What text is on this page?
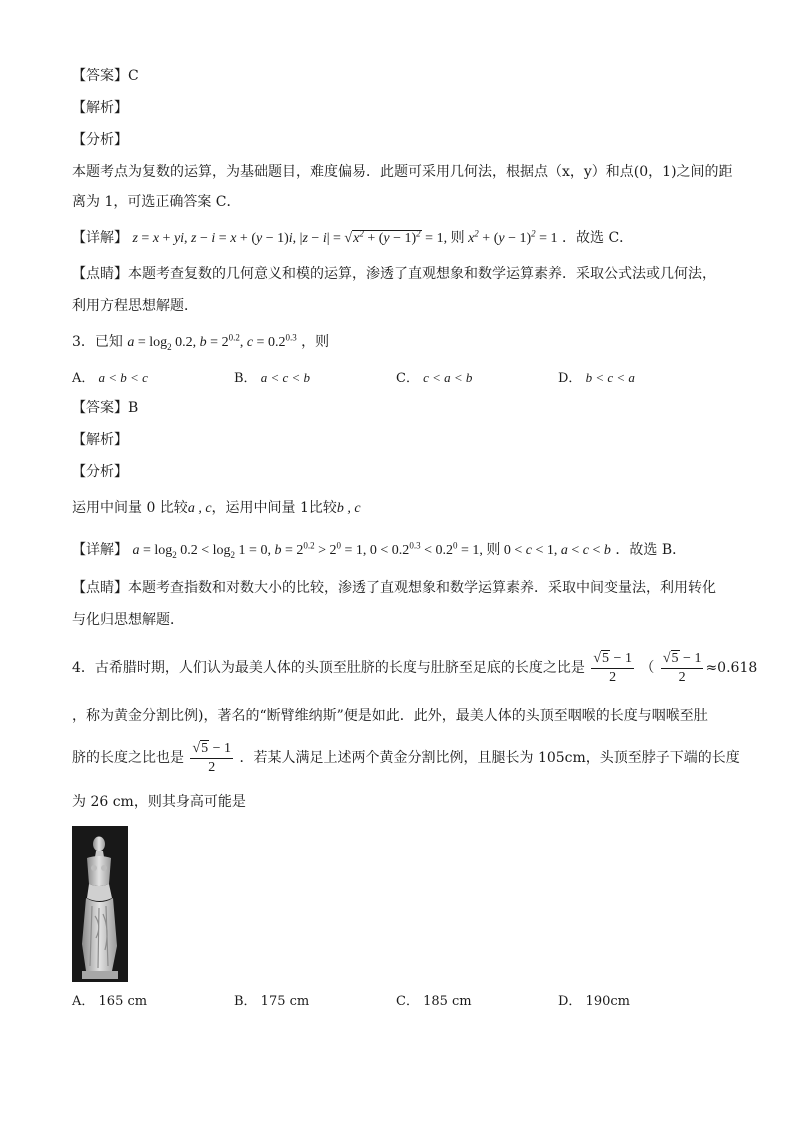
【答案】C
【解析】
【分析】
本题考点为复数的运算，为基础题目，难度偏易．此题可采用几何法，根据点（x，y）和点(0，1)之间的距
离为 1，可选正确答案 C．
【详解】 z = x + yi, z − i = x + (y − 1)i, $|z - i| = √x^2 + (y - 1)^2 = 1$, 则 $x^2 + (y - 1)^2 = 1$ ．故选 C．
【点睛】本题考查复数的几何意义和模的运算，渗透了直观想象和数学运算素养．采取公式法或几何法，
利用方程思想解题．
3．已知 $a = \log_2 0.2$, $b = 2^{0.2}$, $c = 0.2^{0.3}$ ，则
A． a < b < c	B． a < c < b	C． c < a < b	D． b < c < a
【答案】B
【解析】
【分析】
运用中间量 0 比较a , c，运用中间量 1比较b , c
【详解】 $a = \log_2 0.2 < \log_2 1 = 0$, $b = 2^{0.2} > 2^0 = 1$, $0 < 0.2^{0.3} < 0.2^0 = 1$, 则 0 < c < 1, a < c < b ．故选 B．
【点睛】本题考查指数和对数大小的比较，渗透了直观想象和数学运算素养．采取中间变量法，利用转化
与化归思想解题．
4．古希腊时期，人们认为最美人体的头顶至肚脐的长度与肚脐至足底的长度之比是 $\frac{√5 - 1}{2}$ （ $\frac{√5 - 1}{2} \approx 0.618$
，称为黄金分割比例)，著名的“断臂维纳斯”便是如此．此外，最美人体的头顶至咽喉的长度与咽喉至肚
脐的长度之比也是 $\frac{√5 - 1}{2}$ ．若某人满足上述两个黄金分割比例，且腿长为 105cm，头顶至脖子下端的长度
为 26 cm，则其身高可能是
A． 165 cm	B． 175 cm	C． 185 cm	D． 190cm
